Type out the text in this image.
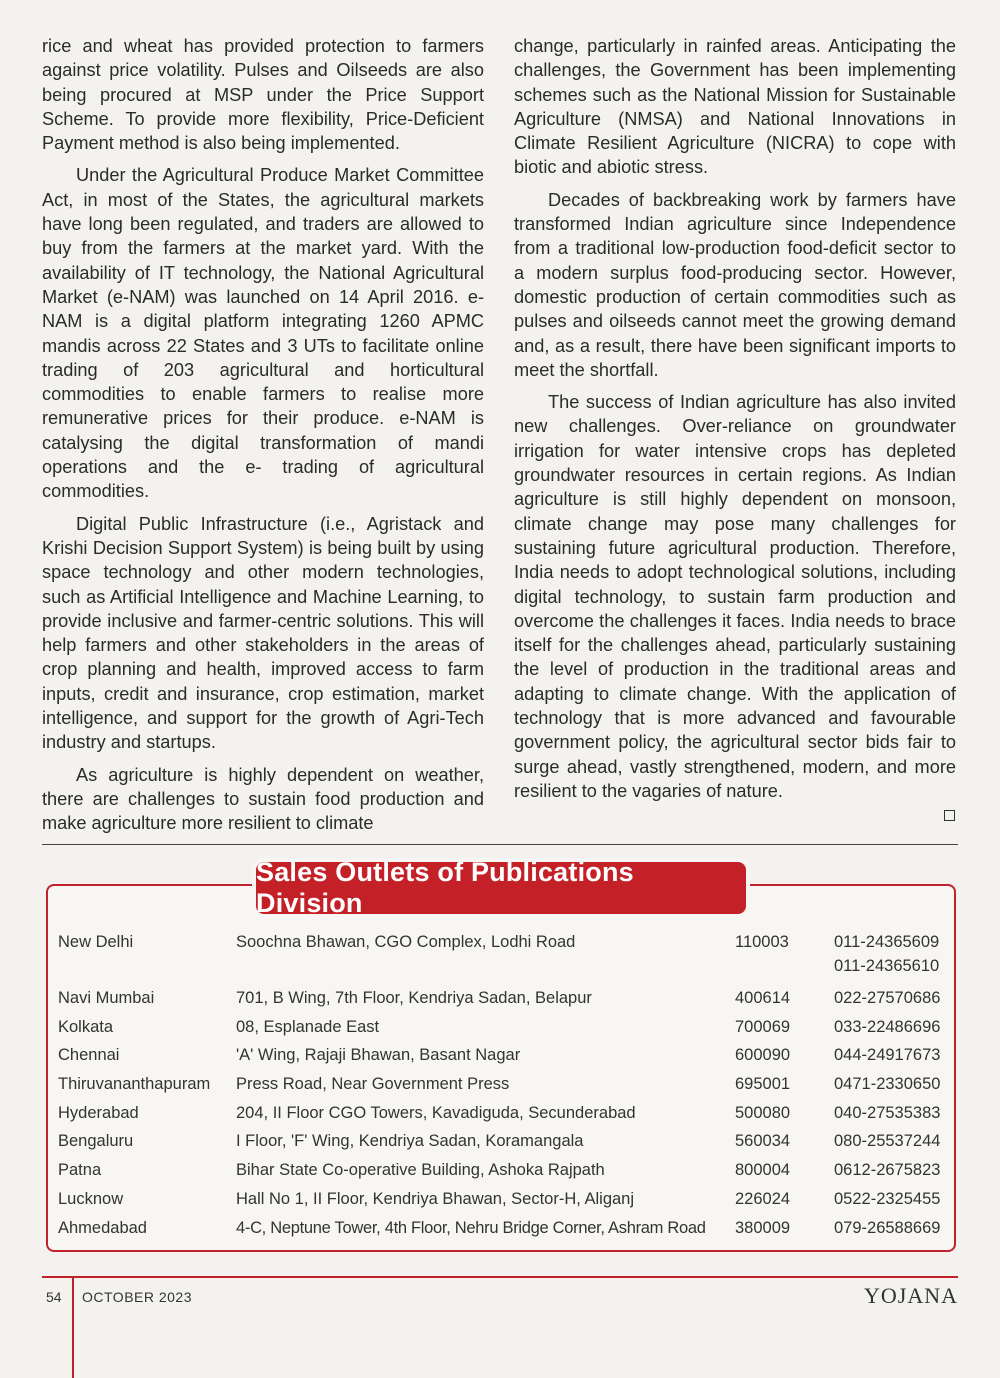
rice and wheat has provided protection to farmers against price volatility. Pulses and Oilseeds are also being procured at MSP under the Price Support Scheme. To provide more flexibility, Price-Deficient Payment method is also being implemented.

Under the Agricultural Produce Market Committee Act, in most of the States, the agricultural markets have long been regulated, and traders are allowed to buy from the farmers at the market yard. With the availability of IT technology, the National Agricultural Market (e-NAM) was launched on 14 April 2016. e-NAM is a digital platform integrating 1260 APMC mandis across 22 States and 3 UTs to facilitate online trading of 203 agricultural and horticultural commodities to enable farmers to realise more remunerative prices for their produce. e-NAM is catalysing the digital transformation of mandi operations and the e- trading of agricultural commodities.

Digital Public Infrastructure (i.e., Agristack and Krishi Decision Support System) is being built by using space technology and other modern technologies, such as Artificial Intelligence and Machine Learning, to provide inclusive and farmer-centric solutions. This will help farmers and other stakeholders in the areas of crop planning and health, improved access to farm inputs, credit and insurance, crop estimation, market intelligence, and support for the growth of Agri-Tech industry and startups.

As agriculture is highly dependent on weather, there are challenges to sustain food production and make agriculture more resilient to climate

change, particularly in rainfed areas. Anticipating the challenges, the Government has been implementing schemes such as the National Mission for Sustainable Agriculture (NMSA) and National Innovations in Climate Resilient Agriculture (NICRA) to cope with biotic and abiotic stress.

Decades of backbreaking work by farmers have transformed Indian agriculture since Independence from a traditional low-production food-deficit sector to a modern surplus food-producing sector. However, domestic production of certain commodities such as pulses and oilseeds cannot meet the growing demand and, as a result, there have been significant imports to meet the shortfall.

The success of Indian agriculture has also invited new challenges. Over-reliance on groundwater irrigation for water intensive crops has depleted groundwater resources in certain regions. As Indian agriculture is still highly dependent on monsoon, climate change may pose many challenges for sustaining future agricultural production. Therefore, India needs to adopt technological solutions, including digital technology, to sustain farm production and overcome the challenges it faces. India needs to brace itself for the challenges ahead, particularly sustaining the level of production in the traditional areas and adapting to climate change. With the application of technology that is more advanced and favourable government policy, the agricultural sector bids fair to surge ahead, vastly strengthened, modern, and more resilient to the vagaries of nature.

Sales Outlets of Publications Division
New Delhi	Soochna Bhawan, CGO Complex, Lodhi Road	110003	011-24365609
011-24365610

Navi Mumbai	701, B Wing, 7th Floor, Kendriya Sadan, Belapur	400614	022-27570686
Kolkata	08, Esplanade East	700069	033-22486696
Chennai	'A' Wing, Rajaji Bhawan, Basant Nagar	600090	044-24917673
Thiruvananthapuram	Press Road, Near Government Press	695001	0471-2330650
Hyderabad	204, II Floor CGO Towers, Kavadiguda, Secunderabad	500080	040-27535383
Bengaluru	I Floor, 'F' Wing, Kendriya Sadan, Koramangala	560034	080-25537244
Patna	Bihar State Co-operative Building, Ashoka Rajpath	800004	0612-2675823
Lucknow	Hall No 1, II Floor, Kendriya Bhawan, Sector-H, Aliganj	226024	0522-2325455
Ahmedabad	4-C, Neptune Tower, 4th Floor, Nehru Bridge Corner, Ashram Road	380009	079-26588669
54 OCTOBER 2023	YOJANA
